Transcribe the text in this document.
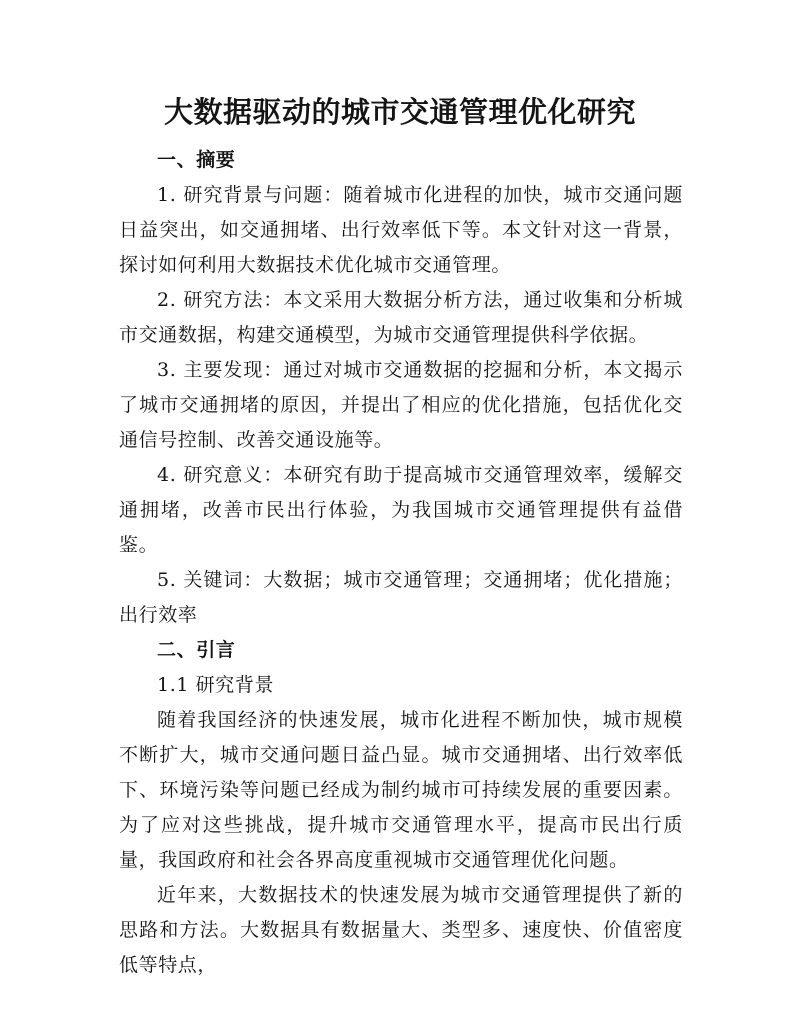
大数据驱动的城市交通管理优化研究

一、摘要

1. 研究背景与问题：随着城市化进程的加快，城市交通问题日益突出，如交通拥堵、出行效率低下等。本文针对这一背景，探讨如何利用大数据技术优化城市交通管理。

2. 研究方法：本文采用大数据分析方法，通过收集和分析城市交通数据，构建交通模型，为城市交通管理提供科学依据。

3. 主要发现：通过对城市交通数据的挖掘和分析，本文揭示了城市交通拥堵的原因，并提出了相应的优化措施，包括优化交通信号控制、改善交通设施等。

4. 研究意义：本研究有助于提高城市交通管理效率，缓解交通拥堵，改善市民出行体验，为我国城市交通管理提供有益借鉴。

5. 关键词：大数据；城市交通管理；交通拥堵；优化措施；出行效率

二、引言

1.1 研究背景

随着我国经济的快速发展，城市化进程不断加快，城市规模不断扩大，城市交通问题日益凸显。城市交通拥堵、出行效率低下、环境污染等问题已经成为制约城市可持续发展的重要因素。为了应对这些挑战，提升城市交通管理水平，提高市民出行质量，我国政府和社会各界高度重视城市交通管理优化问题。

近年来，大数据技术的快速发展为城市交通管理提供了新的思路和方法。大数据具有数据量大、类型多、速度快、价值密度低等特点，
